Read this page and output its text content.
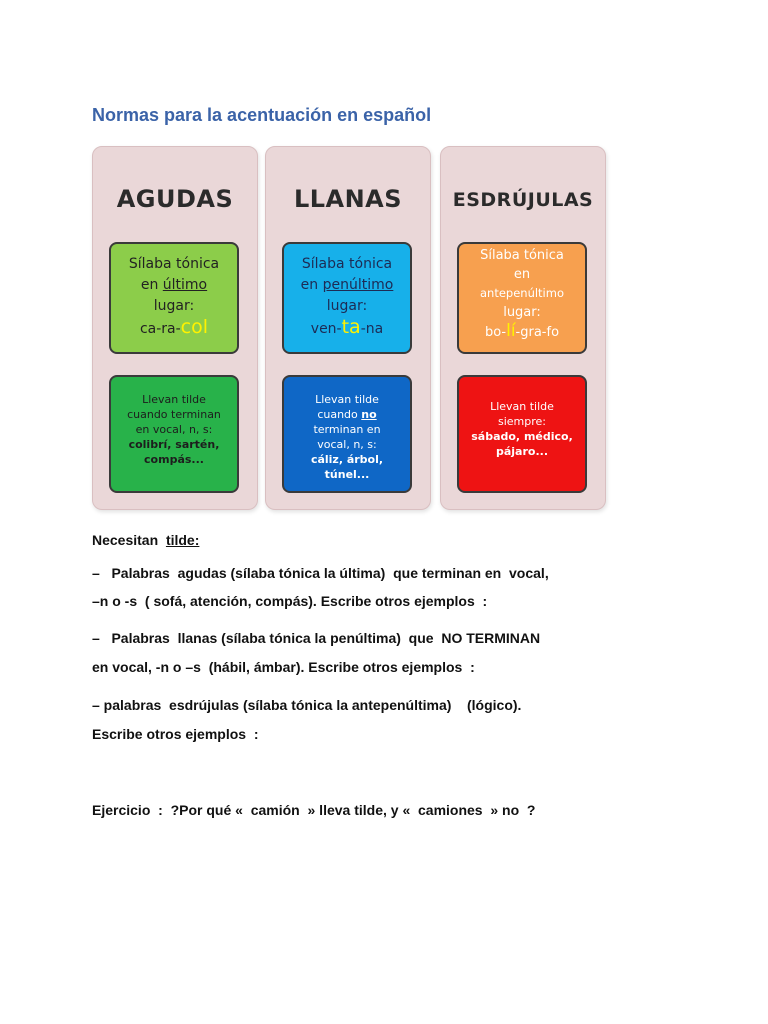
Normas para la acentuación en español
AGUDAS
Sílaba tónica
en último
lugar:
ca-ra-col
Llevan tilde
cuando terminan
en vocal, n, s:
colibrí, sartén,
compás...
LLANAS
Sílaba tónica
en penúltimo
lugar:
ven-ta-na
Llevan tilde
cuando no
terminan en
vocal, n, s:
cáliz, árbol,
túnel...
ESDRÚJULAS
Sílaba tónica
en
antepenúltimo
lugar:
bo-lí-gra-fo
Llevan tilde
siempre:
sábado, médico,
pájaro...
Necesitan  tilde:
–   Palabras  agudas (sílaba tónica la última)  que terminan en  vocal,
–n o -s  ( sofá, atención, compás). Escribe otros ejemplos  :
–   Palabras  llanas (sílaba tónica la penúltima)  que  NO TERMINAN
en vocal, -n o –s  (hábil, ámbar). Escribe otros ejemplos  :
– palabras  esdrújulas (sílaba tónica la antepenúltima)    (lógico).
Escribe otros ejemplos  :
Ejercicio  :  ?Por qué «  camión  » lleva tilde, y «  camiones  » no  ?
